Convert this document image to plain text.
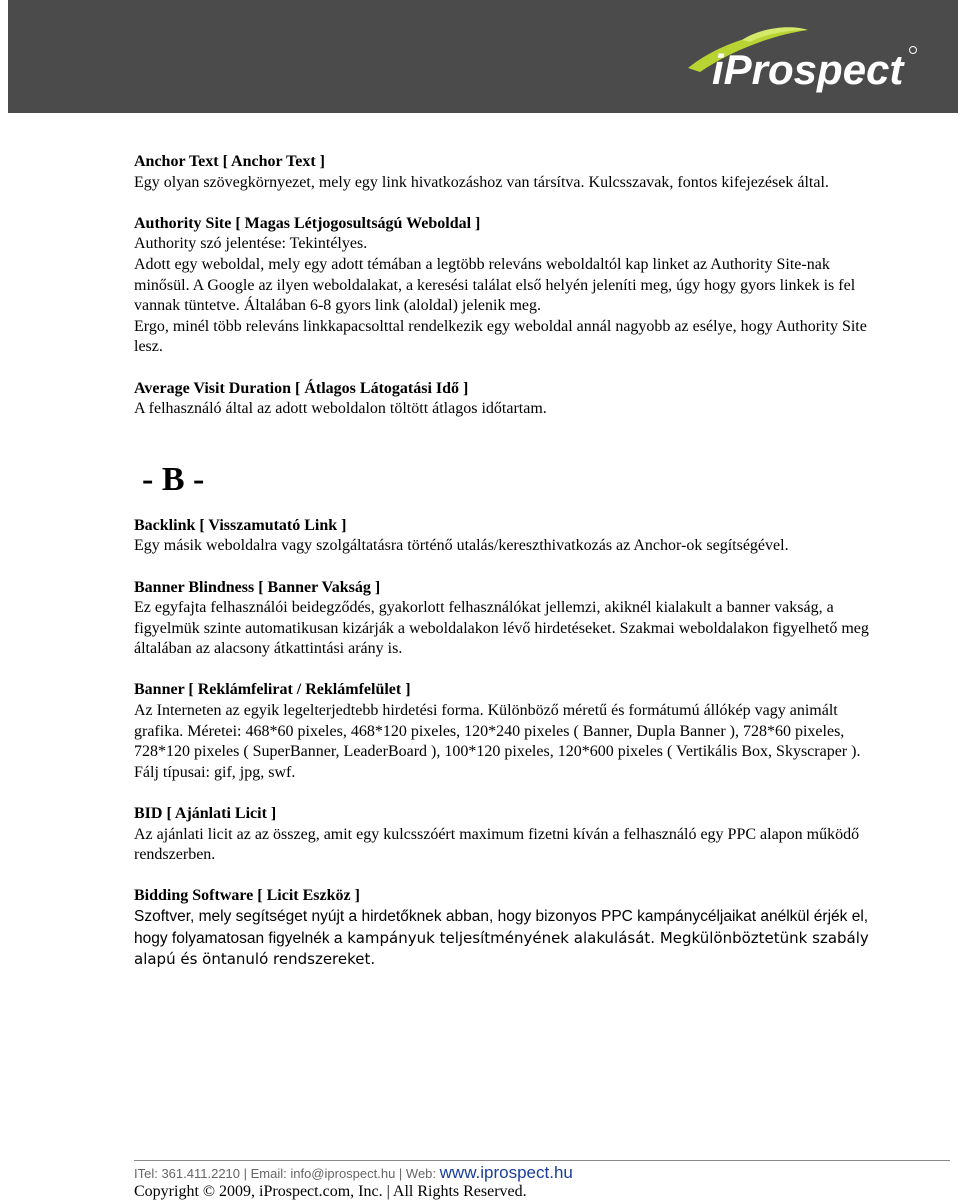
iProspect
Anchor Text [ Anchor Text ]
Egy olyan szövegkörnyezet, mely egy link hivatkozáshoz van társítva. Kulcsszavak, fontos kifejezések által.
Authority Site [ Magas Létjogosultságú Weboldal ]
Authority szó jelentése: Tekintélyes.
Adott egy weboldal, mely egy adott témában a legtöbb releváns weboldaltól kap linket az Authority Site-nak minősül. A Google az ilyen weboldalakat, a keresési találat első helyén jeleníti meg, úgy hogy gyors linkek is fel vannak tüntetve. Általában 6-8 gyors link (aloldal) jelenik meg.
Ergo, minél több releváns linkkapacsolttal rendelkezik egy weboldal annál nagyobb az esélye, hogy Authority Site lesz.
Average Visit Duration [ Átlagos Látogatási Idő ]
A felhasználó által az adott weboldalon töltött átlagos időtartam.
- B -
Backlink [ Visszamutató Link ]
Egy másik weboldalra vagy szolgáltatásra történő utalás/kereszthivatkozás az Anchor-ok segítségével.
Banner Blindness [ Banner Vakság ]
Ez egyfajta felhasználói beidegződés, gyakorlott felhasználókat jellemzi, akiknél kialakult a banner vakság, a figyelmük szinte automatikusan kizárják a weboldalakon lévő hirdetéseket. Szakmai weboldalakon figyelhető meg általában az alacsony átkattintási arány is.
Banner [ Reklámfelirat / Reklámfelület ]
Az Interneten az egyik legelterjedtebb hirdetési forma. Különböző méretű és formátumú állókép vagy animált grafika. Méretei: 468*60 pixeles, 468*120 pixeles, 120*240 pixeles ( Banner, Dupla Banner ), 728*60 pixeles, 728*120 pixeles ( SuperBanner, LeaderBoard ), 100*120 pixeles, 120*600 pixeles ( Vertikális Box, Skyscraper ). Fálj típusai: gif, jpg, swf.
BID [ Ajánlati Licit ]
Az ajánlati licit az az összeg, amit egy kulcsszóért maximum fizetni kíván a felhasználó egy PPC alapon működő rendszerben.
Bidding Software [ Licit Eszköz ]
Szoftver, mely segítséget nyújt a hirdetőknek abban, hogy bizonyos PPC kampánycéljaikat anélkül érjék el, hogy folyamatosan figyelnék a kampányuk teljesítményének alakulását. Megkülönböztetünk szabály alapú és öntanuló rendszereket.
ITel: 361.411.2210 | Email: info@iprospect.hu | Web: www.iprospect.hu
Copyright © 2009, iProspect.com, Inc. | All Rights Reserved.
